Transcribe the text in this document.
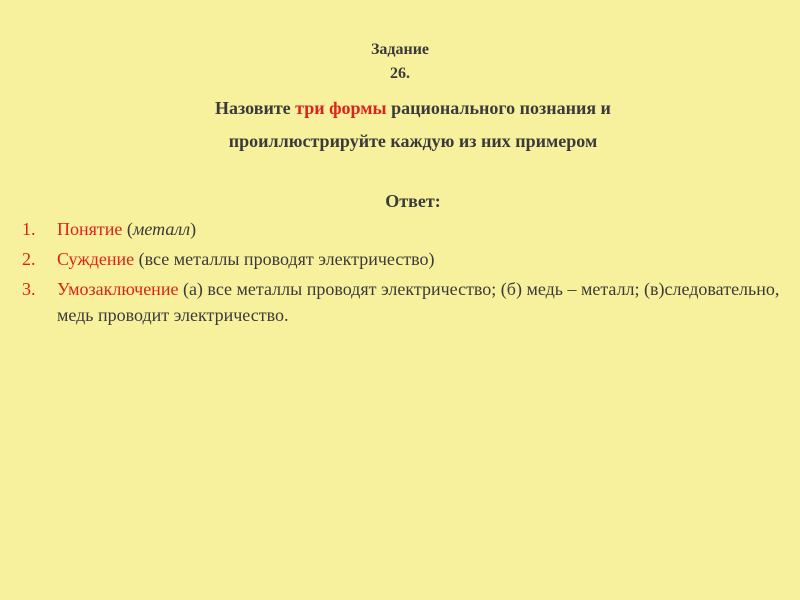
Задание
26.
Назовите три формы рационального познания и
проиллюстрируйте каждую из них примером
Ответ:
1. Понятие (металл)
2. Суждение (все металлы проводят электричество)
3. Умозаключение (а) все металлы проводят электричество; (б) медь – металл; (в)следовательно, медь проводит электричество.
